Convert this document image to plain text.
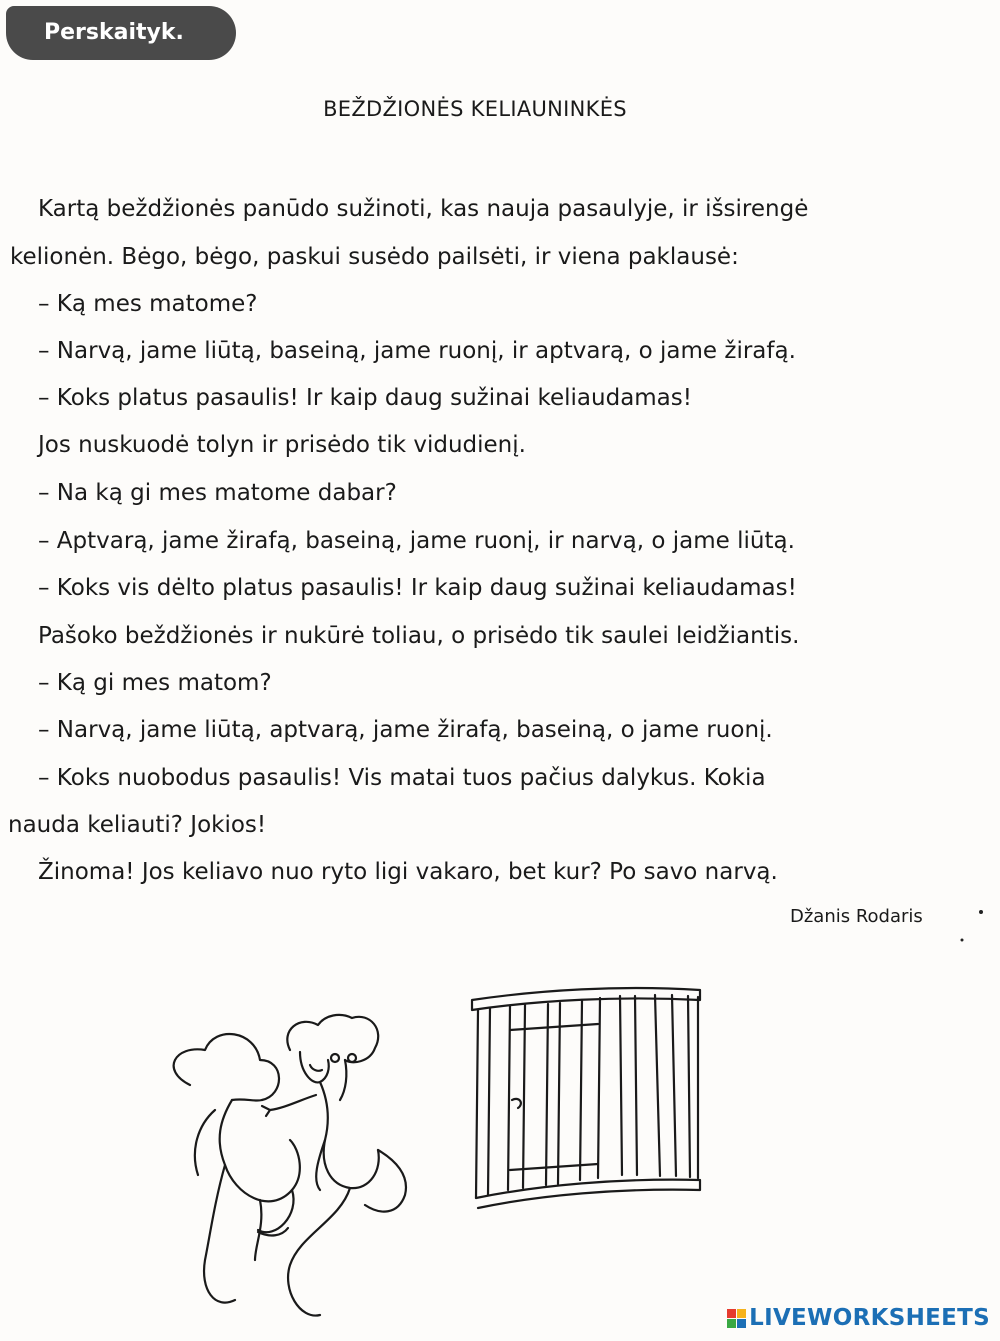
Perskaityk.
BEŽDŽIONĖS KELIAUNINKĖS
Kartą beždžionės panūdo sužinoti, kas nauja pasaulyje, ir išsirengė
kelionėn. Bėgo, bėgo, paskui susėdo pailsėti, ir viena paklausė:
– Ką mes matome?
– Narvą, jame liūtą, baseiną, jame ruonį, ir aptvarą, o jame žirafą.
– Koks platus pasaulis! Ir kaip daug sužinai keliaudamas!
Jos nuskuodė tolyn ir prisėdo tik vidudienį.
– Na ką gi mes matome dabar?
– Aptvarą, jame žirafą, baseiną, jame ruonį, ir narvą, o jame liūtą.
– Koks vis dėlto platus pasaulis! Ir kaip daug sužinai keliaudamas!
Pašoko beždžionės ir nukūrė toliau, o prisėdo tik saulei leidžiantis.
– Ką gi mes matom?
– Narvą, jame liūtą, aptvarą, jame žirafą, baseiną, o jame ruonį.
– Koks nuobodus pasaulis! Vis matai tuos pačius dalykus. Kokia
nauda keliauti? Jokios!
Žinoma! Jos keliavo nuo ryto ligi vakaro, bet kur? Po savo narvą.
Džanis Rodaris
LIVEWORKSHEETS
